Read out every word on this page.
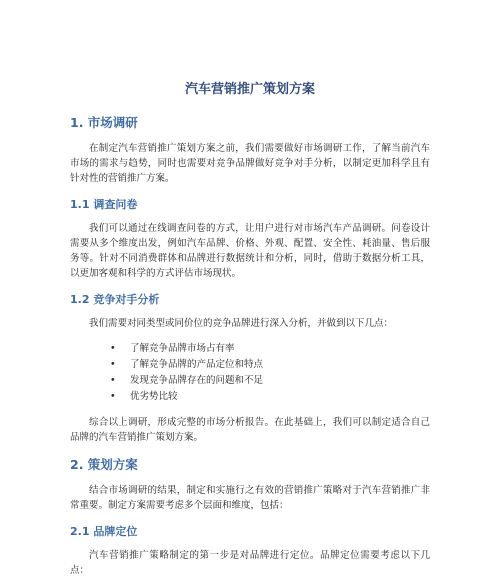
汽车营销推广策划方案
1. 市场调研

在制定汽车营销推广策划方案之前，我们需要做好市场调研工作，了解当前汽车市场的需求与趋势，同时也需要对竞争品牌做好竞争对手分析，以制定更加科学且有针对性的营销推广方案。

1.1 调查问卷

我们可以通过在线调查问卷的方式，让用户进行对市场汽车产品调研。问卷设计需要从多个维度出发，例如汽车品牌、价格、外观、配置、安全性、耗油量、售后服务等。针对不同消费群体和品牌进行数据统计和分析，同时，借助于数据分析工具，以更加客观和科学的方式评估市场现状。

1.2 竞争对手分析

我们需要对同类型或同价位的竞争品牌进行深入分析，并做到以下几点：

• 了解竞争品牌市场占有率
• 了解竞争品牌的产品定位和特点
• 发现竞争品牌存在的问题和不足
• 优劣势比较

综合以上调研，形成完整的市场分析报告。在此基础上，我们可以制定适合自己品牌的汽车营销推广策划方案。

2. 策划方案

结合市场调研的结果，制定和实施行之有效的营销推广策略对于汽车营销推广非常重要。制定方案需要考虑多个层面和维度，包括：

2.1 品牌定位

汽车营销推广策略制定的第一步是对品牌进行定位。品牌定位需要考虑以下几点：
